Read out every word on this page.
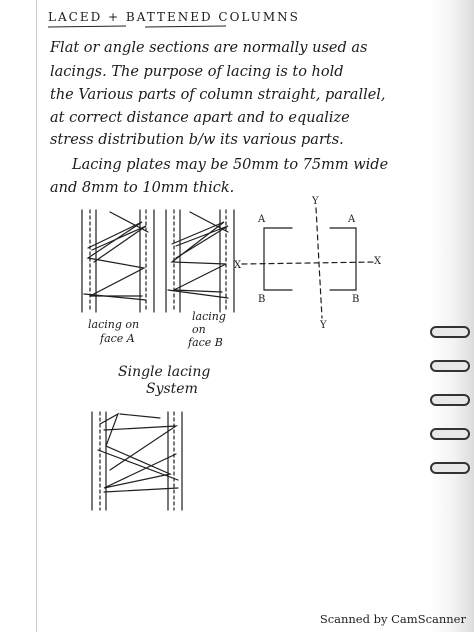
LACED + BATTENED COLUMNS
Flat or angle sections are normally used as
lacings. The purpose of lacing is to hold
the Various parts of column straight, parallel,
at correct distance apart and to equalize
stress distribution b/w its various parts.
Lacing plates may be 50mm to 75mm wide
and 8mm to 10mm thick.
lacing on
face A
lacing
on
face B
Y
Y
X	X
A	A
B	B
Single lacing
System
Scanned by CamScanner
